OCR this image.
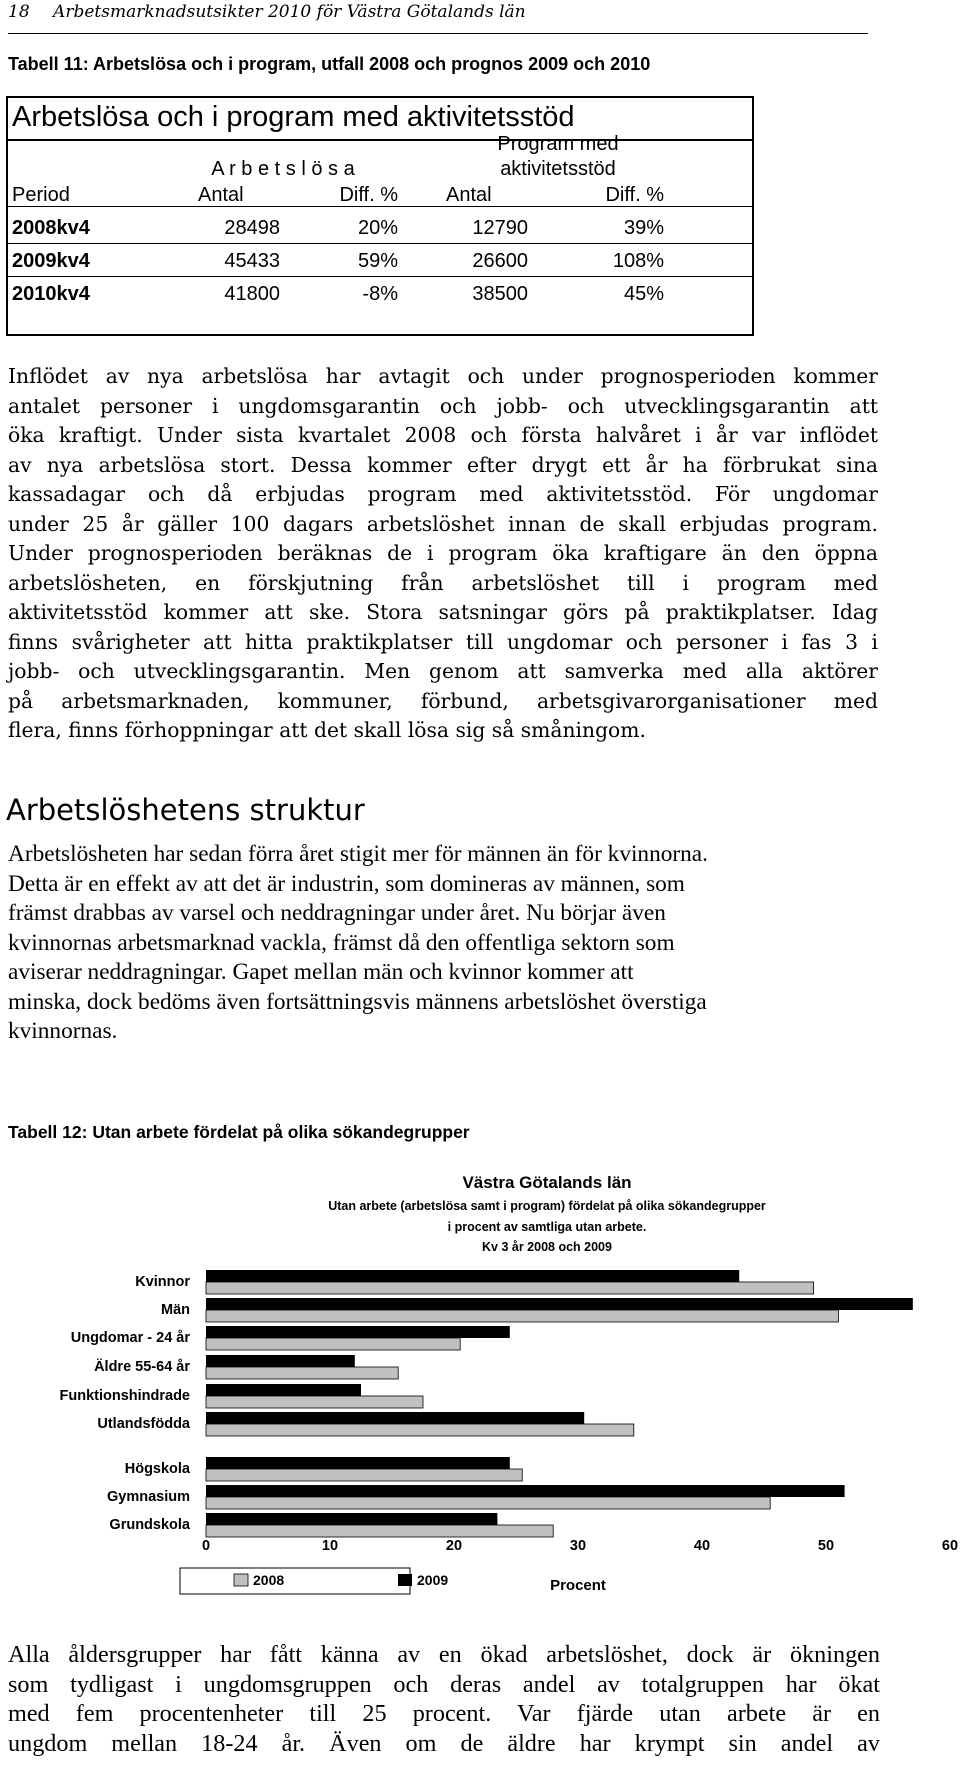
18 Arbetsmarknadsutsikter 2010 för Västra Götalands län
Tabell 11: Arbetslösa och i program, utfall 2008 och prognos 2009 och 2010
Arbetslösa och i program med aktivitetsstöd
A r b e t s l ö s a
Program med
aktivitetsstöd
Period	Antal	Diff. % Antal	Diff. %
2008kv4	28498	20%	12790	39%
2009kv4	45433	59%	26600	108%
2010kv4	41800	-8%	38500	45%
Inflödet av nya arbetslösa har avtagit och under prognosperioden kommer
antalet personer i ungdomsgarantin och jobb- och utvecklingsgarantin att
öka kraftigt. Under sista kvartalet 2008 och första halvåret i år var inflödet
av nya arbetslösa stort. Dessa kommer efter drygt ett år ha förbrukat sina
kassadagar och då erbjudas program med aktivitetsstöd. För ungdomar
under 25 år gäller 100 dagars arbetslöshet innan de skall erbjudas program.
Under prognosperioden beräknas de i program öka kraftigare än den öppna
arbetslösheten, en förskjutning från arbetslöshet till i program med
aktivitetsstöd kommer att ske. Stora satsningar görs på praktikplatser. Idag
finns svårigheter att hitta praktikplatser till ungdomar och personer i fas 3 i
jobb- och utvecklingsgarantin. Men genom att samverka med alla aktörer
på arbetsmarknaden, kommuner, förbund, arbetsgivarorganisationer med
flera, finns förhoppningar att det skall lösa sig så småningom.
Arbetslöshetens struktur
Arbetslösheten har sedan förra året stigit mer för männen än för kvinnorna.
Detta är en effekt av att det är industrin, som domineras av männen, som
främst drabbas av varsel och neddragningar under året. Nu börjar även
kvinnornas arbetsmarknad vackla, främst då den offentliga sektorn som
aviserar neddragningar. Gapet mellan män och kvinnor kommer att
minska, dock bedöms även fortsättningsvis männens arbetslöshet överstiga
kvinnornas.
Tabell 12: Utan arbete fördelat på olika sökandegrupper
Västra Götalands län
Utan arbete (arbetslösa samt i program) fördelat på olika sökandegrupper
i procent av samtliga utan arbete.
Kv 3 år 2008 och 2009
Kvinnor
Män
Ungdomar - 24 år
Äldre 55-64 år
Funktionshindrade
Utlandsfödda
Högskola
Gymnasium
Grundskola
0	10	20	30	40	50	60
Procent
2008	2009
Alla åldersgrupper har fått känna av en ökad arbetslöshet, dock är ökningen
som tydligast i ungdomsgruppen och deras andel av totalgruppen har ökat
med fem procentenheter till 25 procent. Var fjärde utan arbete är en
ungdom mellan 18-24 år. Även om de äldre har krympt sin andel av
